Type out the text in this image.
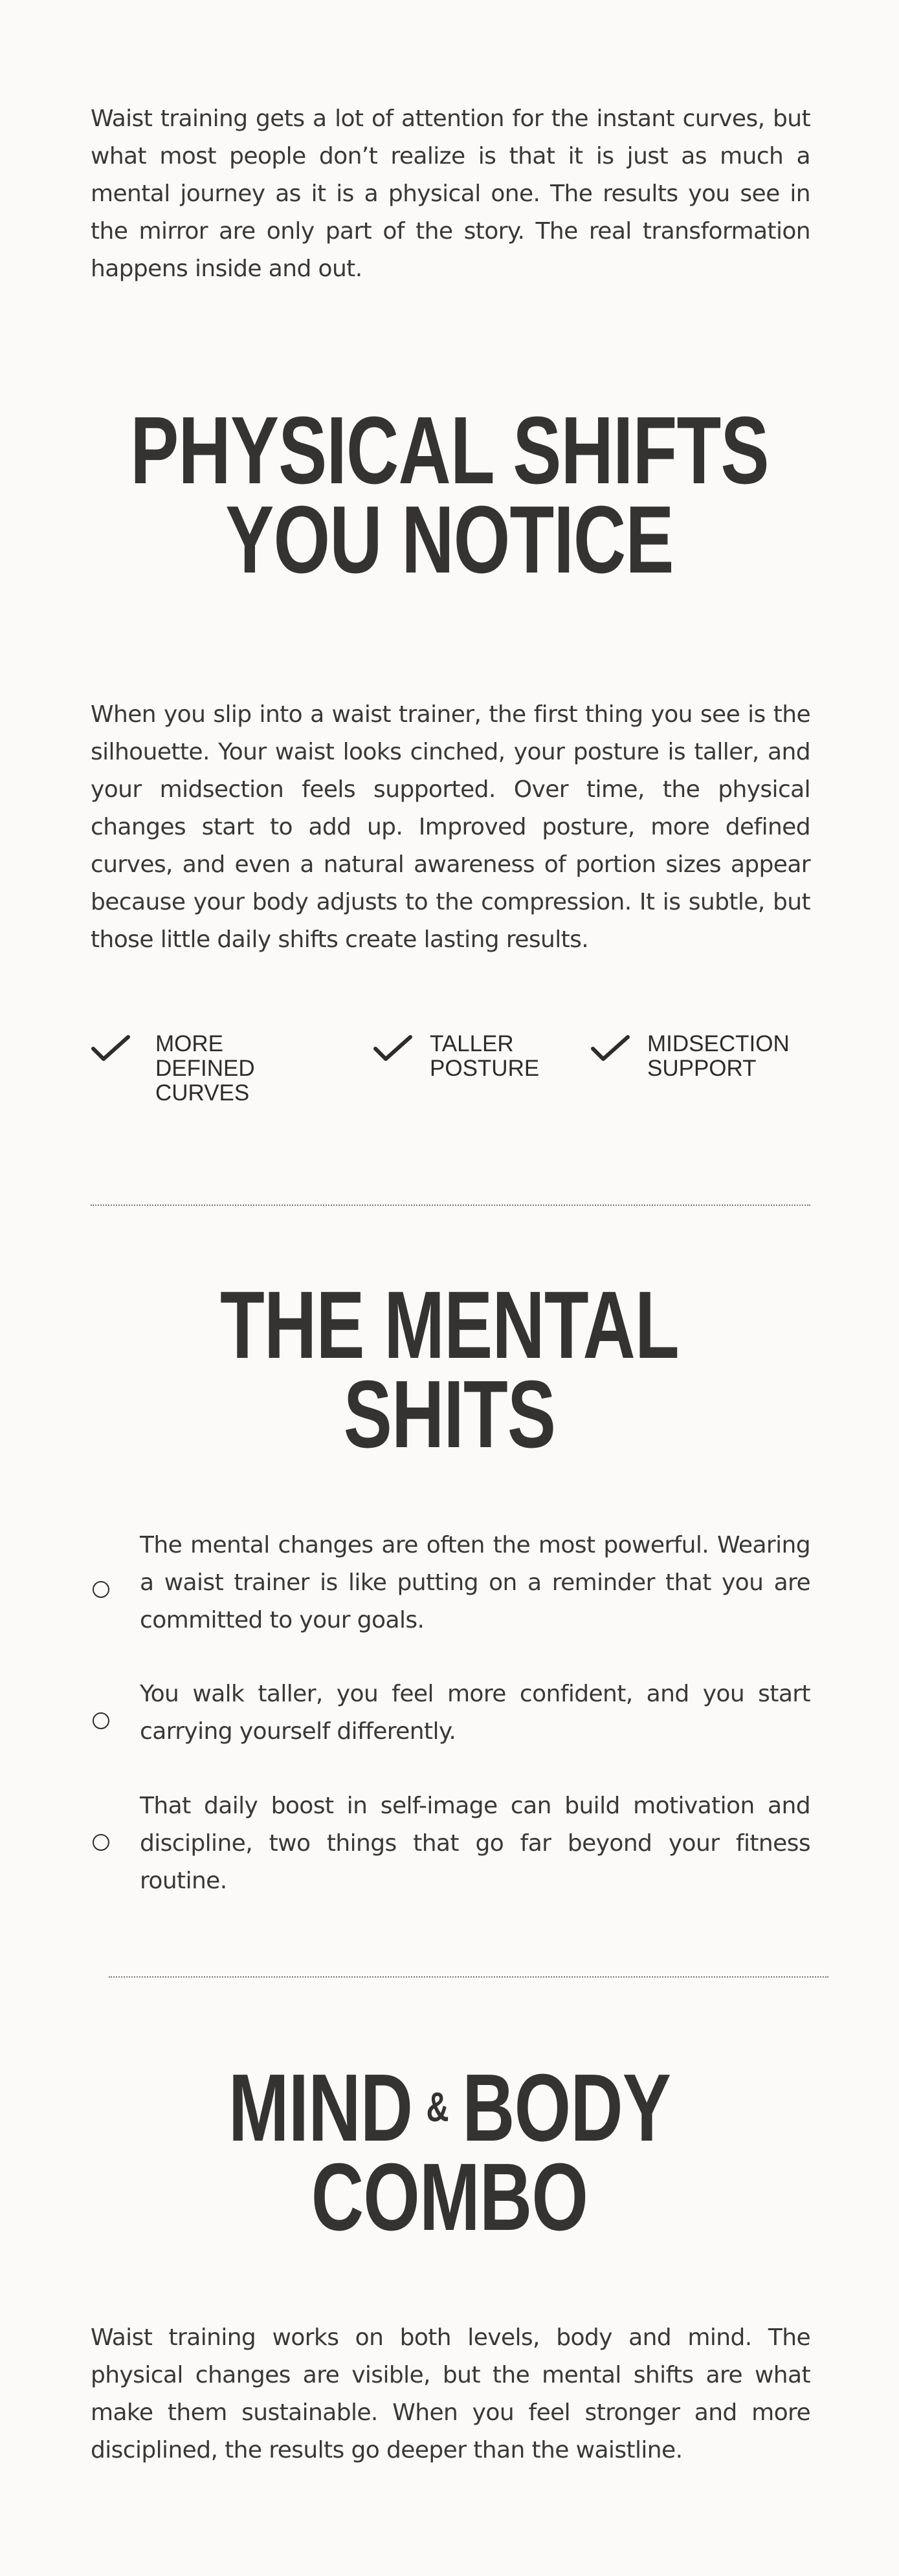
Waist training gets a lot of attention for the instant curves, but what most people don’t realize is that it is just as much a mental journey as it is a physical one. The results you see in the mirror are only part of the story. The real transformation happens inside and out.

PHYSICAL SHIFTS
YOU NOTICE

When you slip into a waist trainer, the first thing you see is the silhouette. Your waist looks cinched, your posture is taller, and your midsection feels supported. Over time, the physical changes start to add up. Improved posture, more defined curves, and even a natural awareness of portion sizes appear because your body adjusts to the compression. It is subtle, but those little daily shifts create lasting results.

MORE DEFINED
CURVES
TALLER
POSTURE
MIDSECTION
SUPPORT
THE MENTAL
SHITS

The mental changes are often the most powerful. Wearing a waist trainer is like putting on a reminder that you are committed to your goals.

You walk taller, you feel more confident, and you start carrying yourself differently.

That daily boost in self-image can build motivation and discipline, two things that go far beyond your fitness routine.

MIND & BODY
COMBO

Waist training works on both levels, body and mind. The physical changes are visible, but the mental shifts are what make them sustainable. When you feel stronger and more disciplined, the results go deeper than the waistline.
